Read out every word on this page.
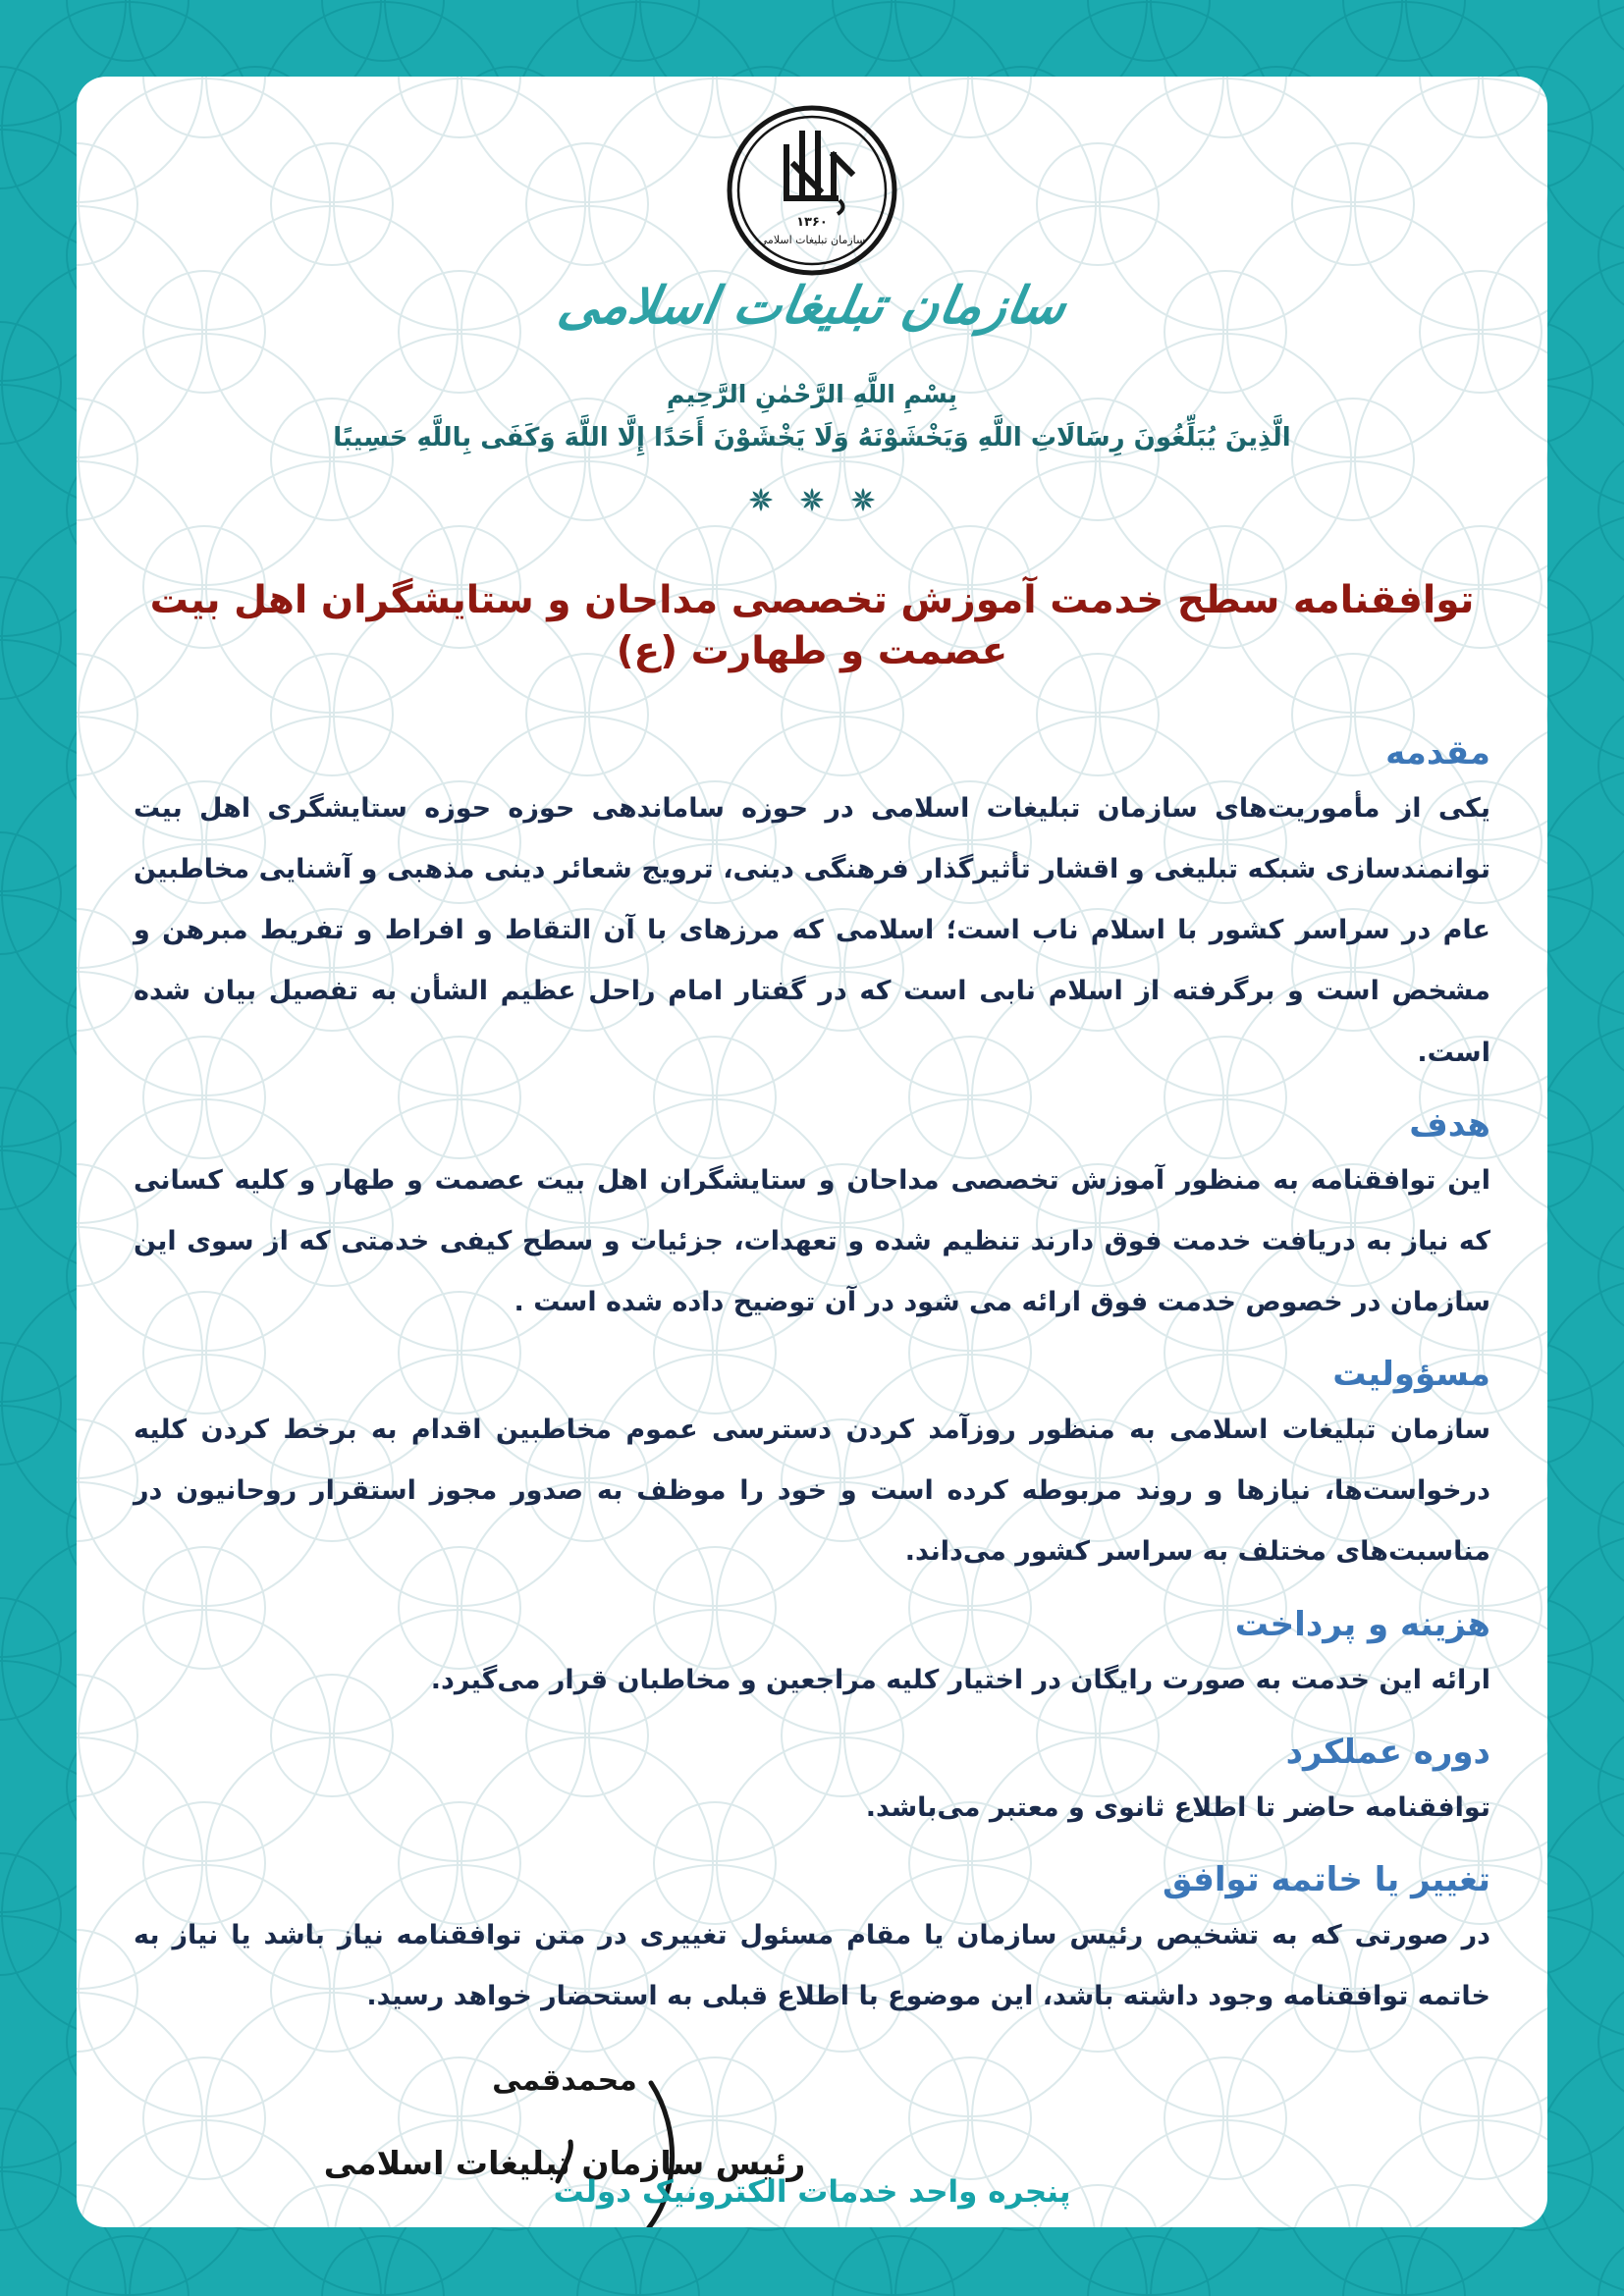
۱۳۶۰
سازمان تبلیغات اسلامی
سازمان تبلیغات اسلامی
بِسْمِ اللَّهِ الرَّحْمٰنِ الرَّحِيمِ
الَّذِينَ يُبَلِّغُونَ رِسَالَاتِ اللَّهِ وَيَخْشَوْنَهُ وَلَا يَخْشَوْنَ أَحَدًا إِلَّا اللَّهَ وَكَفَى بِاللَّهِ حَسِيبًا
توافقنامه سطح خدمت آموزش تخصصی مداحان و ستایشگران اهل بیت عصمت و طهارت (ع)
مقدمه

یکی از مأموریت‌های سازمان تبلیغات اسلامی در حوزه ساماندهی حوزه حوزه ستایشگری اهل بیت توانمندسازی شبکه تبلیغی و اقشار تأثیرگذار فرهنگی دینی، ترویج شعائر دینی مذهبی و آشنایی مخاطبین عام در سراسر کشور با اسلام ناب است؛ اسلامی که مرزهای با آن التقاط و افراط و تفریط مبرهن و مشخص است و برگرفته از اسلام نابی است که در گفتار امام راحل عظیم الشأن به تفصیل بیان شده است.

هدف

این توافقنامه به منظور آموزش تخصصی مداحان و ستایشگران اهل بیت عصمت و طهار و کلیه کسانی که نیاز به دریافت خدمت فوق دارند تنظیم شده و تعهدات، جزئیات و سطح کیفی خدمتی که از سوی این سازمان در خصوص خدمت فوق ارائه می شود در آن توضیح داده شده است .

مسؤولیت

سازمان تبلیغات اسلامی به منظور روزآمد کردن دسترسی عموم مخاطبین اقدام به برخط کردن کلیه درخواست‌ها، نیازها و روند مربوطه کرده است و خود را موظف به صدور مجوز استقرار روحانیون در مناسبت‌های مختلف به سراسر کشور می‌داند.

هزینه و پرداخت

ارائه این خدمت به صورت رایگان در اختیار کلیه مراجعین و مخاطبان قرار می‌گیرد.

دوره عملکرد

توافقنامه حاضر تا اطلاع ثانوی و معتبر می‌باشد.

تغییر یا خاتمه توافق

در صورتی که به تشخیص رئیس سازمان یا مقام مسئول تغییری در متن توافقنامه نیاز باشد یا نیاز به خاتمه توافقنامه وجود داشته باشد، این موضوع با اطلاع قبلی به استحضار خواهد رسید.

محمدقمی
رئیس سازمان تبلیغات اسلامی
پنجره واحد خدمات الکترونیک دولت
